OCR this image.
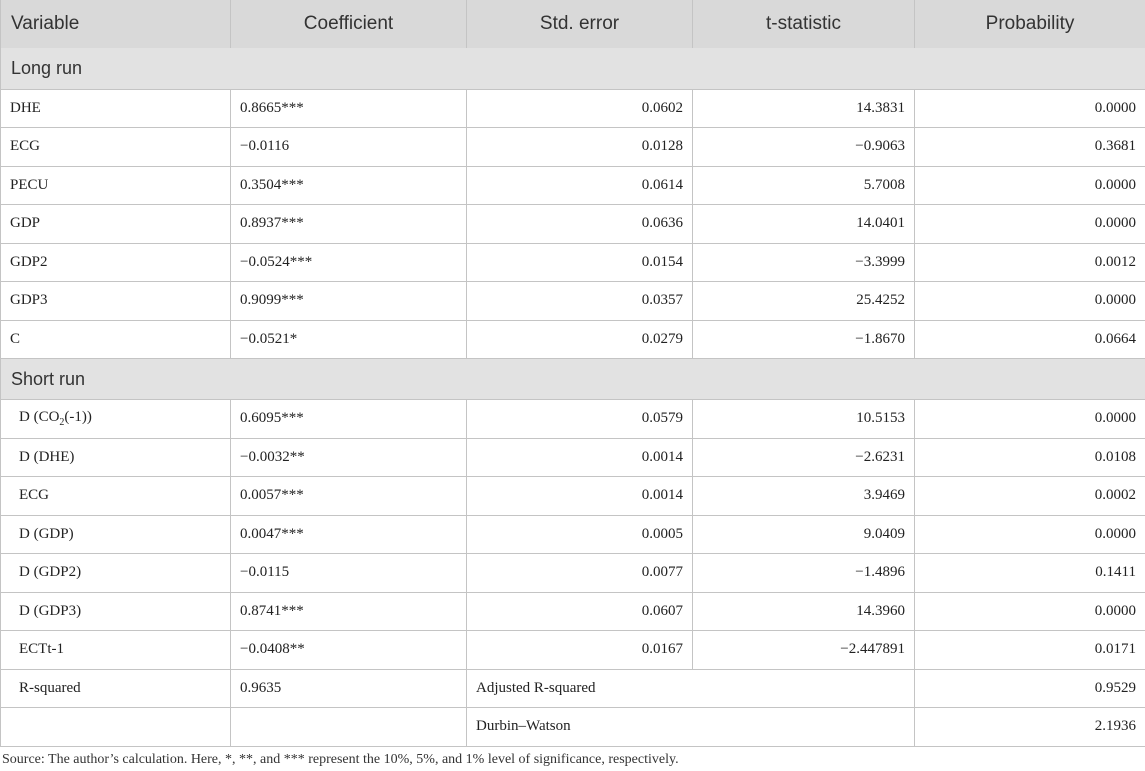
Variable	Coefficient	Std. error	t-statistic	Probability
Long run				
DHE	0.8665***	0.0602	14.3831	0.0000
ECG	−0.0116	0.0128	−0.9063	0.3681
PECU	0.3504***	0.0614	5.7008	0.0000
GDP	0.8937***	0.0636	14.0401	0.0000
GDP2	−0.0524***	0.0154	−3.3999	0.0012
GDP3	0.9099***	0.0357	25.4252	0.0000
C	−0.0521*	0.0279	−1.8670	0.0664
Short run				
D $(CO_2(-1))$	0.6095***	0.0579	10.5153	0.0000
D (DHE)	−0.0032**	0.0014	−2.6231	0.0108
ECG	0.0057***	0.0014	3.9469	0.0002
D (GDP)	0.0047***	0.0005	9.0409	0.0000
D (GDP2)	−0.0115	0.0077	−1.4896	0.1411
D (GDP3)	0.8741***	0.0607	14.3960	0.0000
ECTt-1	−0.0408**	0.0167	−2.447891	0.0171
R-squared	0.9635	Adjusted R-squared		0.9529
		Durbin–Watson		2.1936
Source: The author’s calculation. Here, *, **, and *** represent the 10%, 5%, and 1% level of significance, respectively.
